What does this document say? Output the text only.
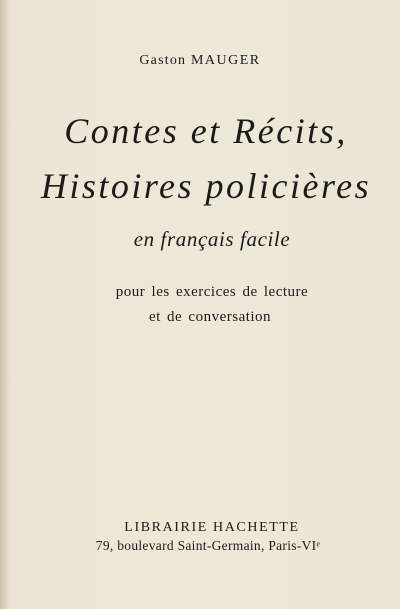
Gaston MAUGER
Contes et Récits,
Histoires policières
en français facile
pour les exercices de lecture
et de conversation
LIBRAIRIE HACHETTE
79, boulevard Saint-Germain, Paris-VIᵉ
